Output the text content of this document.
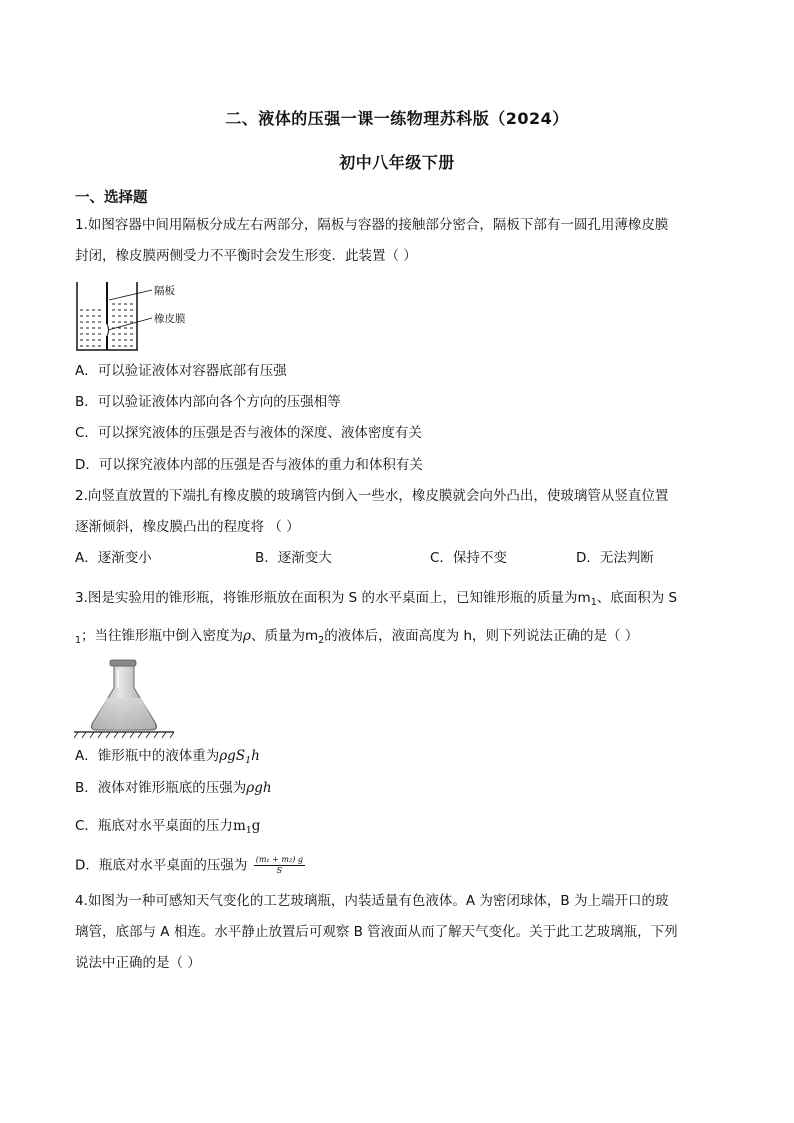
二、液体的压强一课一练物理苏科版（2024）
初中八年级下册
一、选择题
1.如图容器中间用隔板分成左右两部分，隔板与容器的接触部分密合，隔板下部有一圆孔用薄橡皮膜
封闭，橡皮膜两侧受力不平衡时会发生形变．此装置（ ）
隔板
橡皮膜
A．可以验证液体对容器底部有压强
B．可以验证液体内部向各个方向的压强相等
C．可以探究液体的压强是否与液体的深度、液体密度有关
D．可以探究液体内部的压强是否与液体的重力和体积有关
2.向竖直放置的下端扎有橡皮膜的玻璃管内倒入一些水，橡皮膜就会向外凸出，使玻璃管从竖直位置
逐渐倾斜，橡皮膜凸出的程度将 （ ）
A．逐渐变小	B．逐渐变大	C．保持不变	D．无法判断
3.图是实验用的锥形瓶，将锥形瓶放在面积为 S 的水平桌面上，已知锥形瓶的质量为$m_1$、底面积为 S
$_1$；当往锥形瓶中倒入密度为ρ、质量为$m_2$的液体后，液面高度为 h，则下列说法正确的是（ ）
A．锥形瓶中的液体重为ρgS$_1$h
B．液体对锥形瓶底的压强为ρgh
C．瓶底对水平桌面的压力$m_1g$
D．瓶底对水平桌面的压强为 $\frac{\text{(m₁ + m₂) g}}{S}$
4.如图为一种可感知天气变化的工艺玻璃瓶，内装适量有色液体。A 为密闭球体，B 为上端开口的玻
璃管，底部与 A 相连。水平静止放置后可观察 B 管液面从而了解天气变化。关于此工艺玻璃瓶，下列
说法中正确的是（ ）
